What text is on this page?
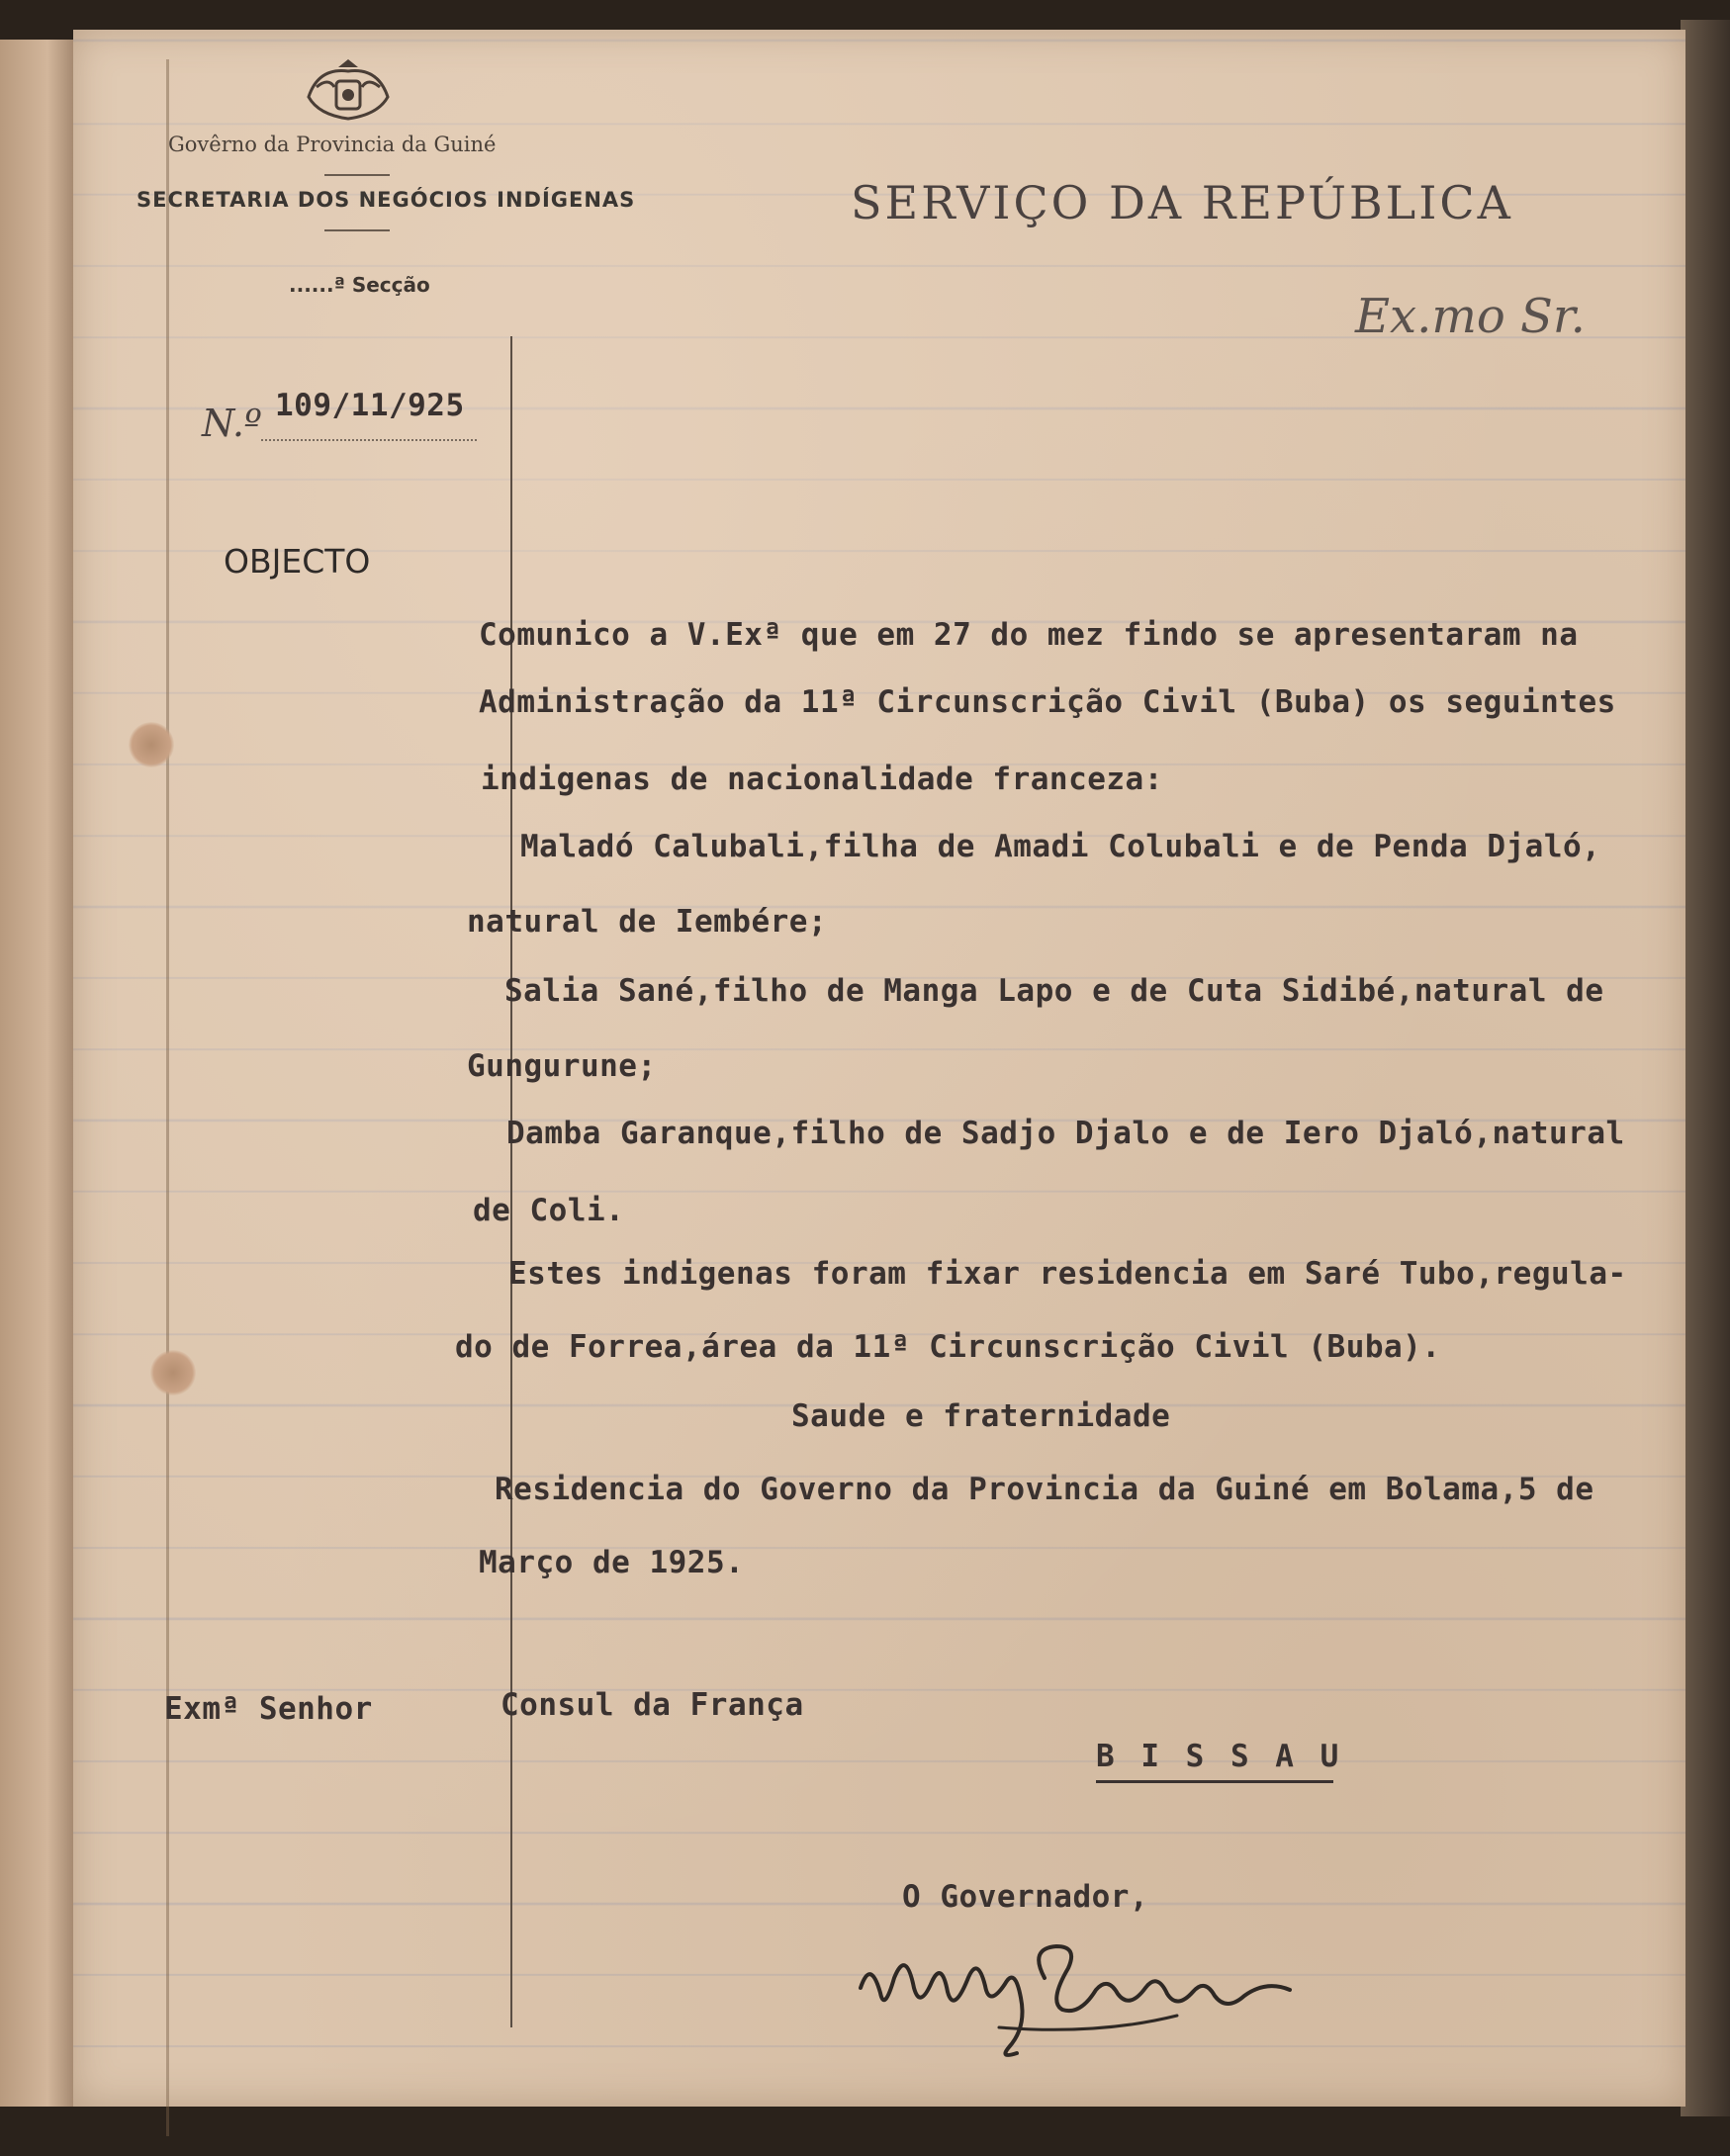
Govêrno da Provincia da Guiné
SECRETARIA DOS NEGÓCIOS INDÍGENAS
......ª Secção
SERVIÇO DA REPÚBLICA
Ex.mo Sr.
N.º 109/11/925
OBJECTO
Comunico a V.Exª que em 27 do mez findo se apresentaram na
Administração da 11ª Circunscrição Civil (Buba) os seguintes
indigenas de nacionalidade franceza:
Maladó Calubali,filha de Amadi Colubali e de Penda Djaló,
natural de Iembére;
Salia Sané,filho de Manga Lapo e de Cuta Sidibé,natural de
Gungurune;
Damba Garanque,filho de Sadjo Djalo e de Iero Djaló,natural
de Coli.
Estes indigenas foram fixar residencia em Saré Tubo,regula-
do de Forrea,área da 11ª Circunscrição Civil (Buba).
Saude e fraternidade
Residencia do Governo da Provincia da Guiné em Bolama,5 de
Março de 1925.
Exmª Senhor	Consul da França
B I S S A U
O Governador,
